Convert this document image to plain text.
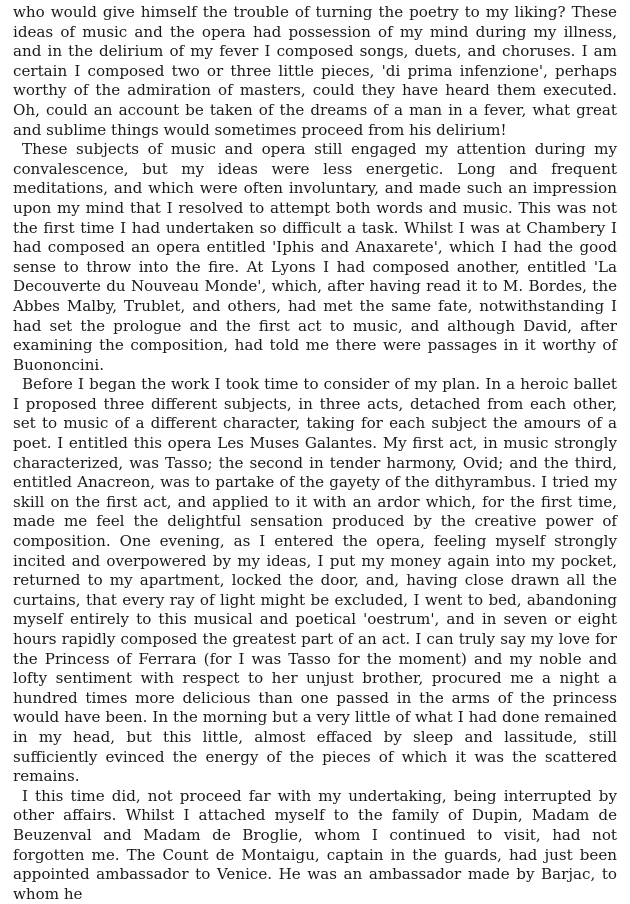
who would give himself the trouble of turning the poetry to my liking? These ideas of music and the opera had possession of my mind during my illness, and in the delirium of my fever I composed songs, duets, and choruses. I am certain I composed two or three little pieces, 'di prima infenzione', perhaps worthy of the admiration of masters, could they have heard them executed. Oh, could an account be taken of the dreams of a man in a fever, what great and sublime things would sometimes proceed from his delirium!

These subjects of music and opera still engaged my attention during my convalescence, but my ideas were less energetic. Long and frequent meditations, and which were often involuntary, and made such an impression upon my mind that I resolved to attempt both words and music. This was not the first time I had undertaken so difficult a task. Whilst I was at Chambery I had composed an opera entitled 'Iphis and Anaxarete', which I had the good sense to throw into the fire. At Lyons I had composed another, entitled 'La Decouverte du Nouveau Monde', which, after having read it to M. Bordes, the Abbes Malby, Trublet, and others, had met the same fate, notwithstanding I had set the prologue and the first act to music, and although David, after examining the composition, had told me there were passages in it worthy of Buononcini.

Before I began the work I took time to consider of my plan. In a heroic ballet I proposed three different subjects, in three acts, detached from each other, set to music of a different character, taking for each subject the amours of a poet. I entitled this opera Les Muses Galantes. My first act, in music strongly characterized, was Tasso; the second in tender harmony, Ovid; and the third, entitled Anacreon, was to partake of the gayety of the dithyrambus. I tried my skill on the first act, and applied to it with an ardor which, for the first time, made me feel the delightful sensation produced by the creative power of composition. One evening, as I entered the opera, feeling myself strongly incited and overpowered by my ideas, I put my money again into my pocket, returned to my apartment, locked the door, and, having close drawn all the curtains, that every ray of light might be excluded, I went to bed, abandoning myself entirely to this musical and poetical 'oestrum', and in seven or eight hours rapidly composed the greatest part of an act. I can truly say my love for the Princess of Ferrara (for I was Tasso for the moment) and my noble and lofty sentiment with respect to her unjust brother, procured me a night a hundred times more delicious than one passed in the arms of the princess would have been. In the morning but a very little of what I had done remained in my head, but this little, almost effaced by sleep and lassitude, still sufficiently evinced the energy of the pieces of which it was the scattered remains.

I this time did, not proceed far with my undertaking, being interrupted by other affairs. Whilst I attached myself to the family of Dupin, Madam de Beuzenval and Madam de Broglie, whom I continued to visit, had not forgotten me. The Count de Montaigu, captain in the guards, had just been appointed ambassador to Venice. He was an ambassador made by Barjac, to whom he
